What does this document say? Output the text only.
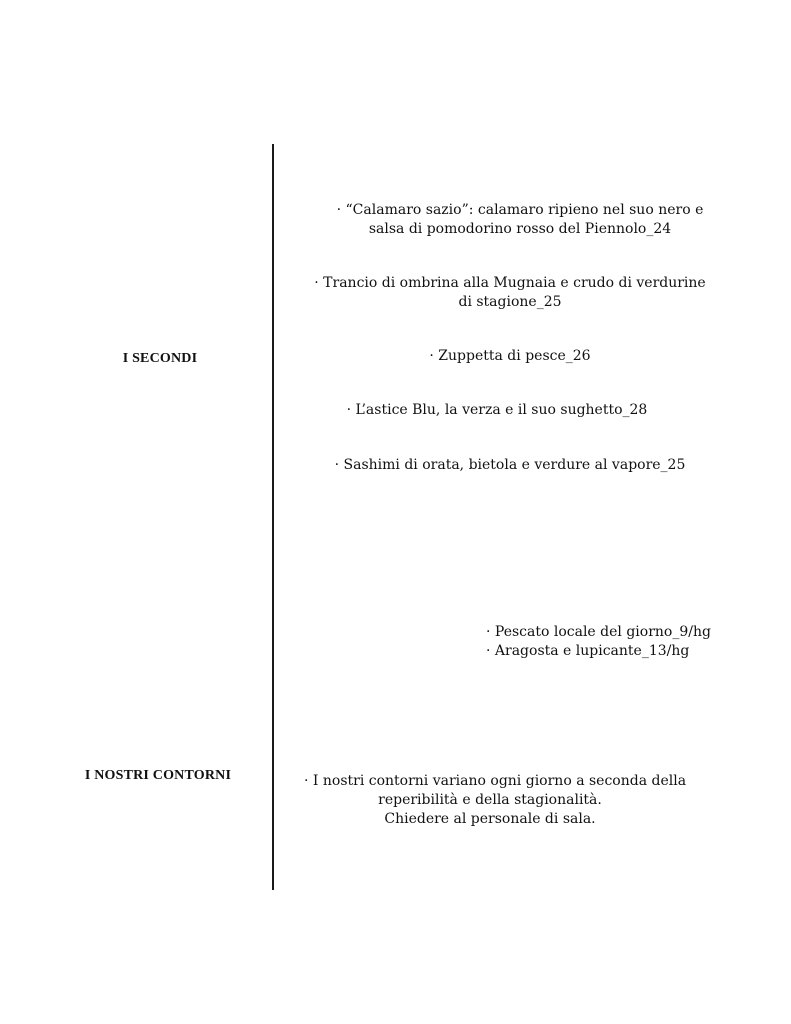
I SECONDI
· “Calamaro sazio”: calamaro ripieno nel suo nero e
salsa di pomodorino rosso del Piennolo_24
· Trancio di ombrina alla Mugnaia e crudo di verdurine
di stagione_25
· Zuppetta di pesce_26
· L’astice Blu, la verza e il suo sughetto_28
· Sashimi di orata, bietola e verdure al vapore_25
· Pescato locale del giorno_9/hg
· Aragosta e lupicante_13/hg
I NOSTRI CONTORNI	· I nostri contorni variano ogni giorno a seconda della
reperibilità e della stagionalità.
Chiedere al personale di sala.
